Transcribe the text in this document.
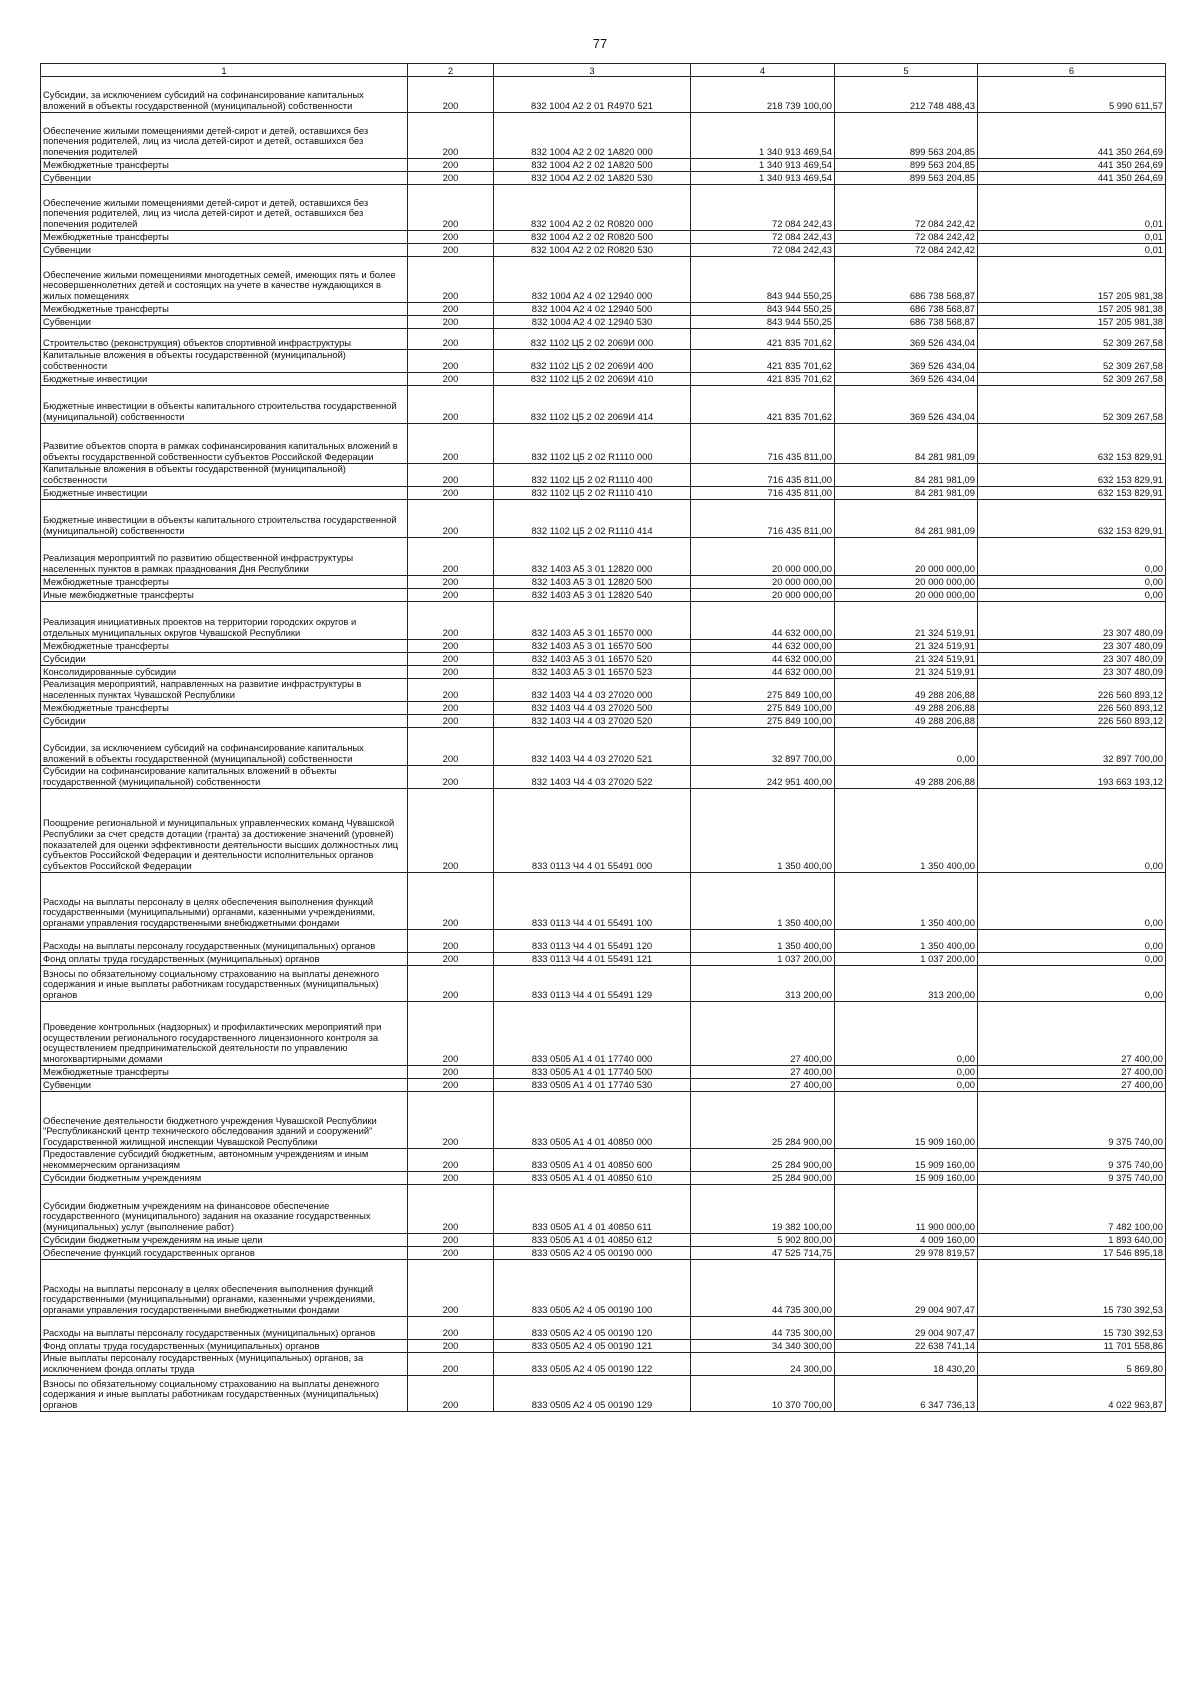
77
1	2	3	4	5	6
Субсидии, за исключением субсидий на софинансирование капитальных вложений в объекты государственной (муниципальной) собственности	200	832 1004 A2 2 01 R4970 521	218 739 100,00	212 748 488,43	5 990 611,57
Обеспечение жилыми помещениями детей-сирот и детей, оставшихся без попечения родителей, лиц из числа детей-сирот и детей, оставшихся без попечения родителей	200	832 1004 A2 2 02 1A820 000	1 340 913 469,54	899 563 204,85	441 350 264,69
Межбюджетные трансферты	200	832 1004 A2 2 02 1A820 500	1 340 913 469,54	899 563 204,85	441 350 264,69
Субвенции	200	832 1004 A2 2 02 1A820 530	1 340 913 469,54	899 563 204,85	441 350 264,69
Обеспечение жилыми помещениями детей-сирот и детей, оставшихся без попечения родителей, лиц из числа детей-сирот и детей, оставшихся без попечения родителей	200	832 1004 A2 2 02 R0820 000	72 084 242,43	72 084 242,42	0,01
Межбюджетные трансферты	200	832 1004 A2 2 02 R0820 500	72 084 242,43	72 084 242,42	0,01
Субвенции	200	832 1004 A2 2 02 R0820 530	72 084 242,43	72 084 242,42	0,01
Обеспечение жильми помещениями многодетных семей, имеющих пять и более несовершеннолетних детей и состоящих на учете в качестве нуждающихся в жилых помещениях	200	832 1004 A2 4 02 12940 000	843 944 550,25	686 738 568,87	157 205 981,38
Межбюджетные трансферты	200	832 1004 A2 4 02 12940 500	843 944 550,25	686 738 568,87	157 205 981,38
Субвенции	200	832 1004 A2 4 02 12940 530	843 944 550,25	686 738 568,87	157 205 981,38
Строительство (реконструкция) объектов спортивной инфраструктуры	200	832 1102 Ц5 2 02 2069И 000	421 835 701,62	369 526 434,04	52 309 267,58
Капитальные вложения в объекты государственной (муниципальной) собственности	200	832 1102 Ц5 2 02 2069И 400	421 835 701,62	369 526 434,04	52 309 267,58
Бюджетные инвестиции	200	832 1102 Ц5 2 02 2069И 410	421 835 701,62	369 526 434,04	52 309 267,58
Бюджетные инвестиции в объекты капитального строительства государственной (муниципальной) собственности	200	832 1102 Ц5 2 02 2069И 414	421 835 701,62	369 526 434,04	52 309 267,58
Развитие объектов спорта в рамках софинансирования капитальных вложений в объекты государственной собственности субъектов Российской Федерации	200	832 1102 Ц5 2 02 R1110 000	716 435 811,00	84 281 981,09	632 153 829,91
Капитальные вложения в объекты государственной (муниципальной) собственности	200	832 1102 Ц5 2 02 R1110 400	716 435 811,00	84 281 981,09	632 153 829,91
Бюджетные инвестиции	200	832 1102 Ц5 2 02 R1110 410	716 435 811,00	84 281 981,09	632 153 829,91
Бюджетные инвестиции в объекты капитального строительства государственной (муниципальной) собственности	200	832 1102 Ц5 2 02 R1110 414	716 435 811,00	84 281 981,09	632 153 829,91
Реализация мероприятий по развитию общественной инфраструктуры населенных пунктов в рамках празднования Дня Республики	200	832 1403 A5 3 01 12820 000	20 000 000,00	20 000 000,00	0,00
Межбюджетные трансферты	200	832 1403 A5 3 01 12820 500	20 000 000,00	20 000 000,00	0,00
Иные межбюджетные трансферты	200	832 1403 A5 3 01 12820 540	20 000 000,00	20 000 000,00	0,00
Реализация инициативных проектов на территории городских округов и отдельных муниципальных округов Чувашской Республики	200	832 1403 A5 3 01 16570 000	44 632 000,00	21 324 519,91	23 307 480,09
Межбюджетные трансферты	200	832 1403 A5 3 01 16570 500	44 632 000,00	21 324 519,91	23 307 480,09
Субсидии	200	832 1403 A5 3 01 16570 520	44 632 000,00	21 324 519,91	23 307 480,09
Консолидированные субсидии	200	832 1403 A5 3 01 16570 523	44 632 000,00	21 324 519,91	23 307 480,09
Реализация мероприятий, направленных на развитие инфраструктуры в населенных пунктах Чувашской Республики	200	832 1403 Ч4 4 03 27020 000	275 849 100,00	49 288 206,88	226 560 893,12
Межбюджетные трансферты	200	832 1403 Ч4 4 03 27020 500	275 849 100,00	49 288 206,88	226 560 893,12
Субсидии	200	832 1403 Ч4 4 03 27020 520	275 849 100,00	49 288 206,88	226 560 893,12
Субсидии, за исключением субсидий на софинансирование капитальных вложений в объекты государственной (муниципальной) собственности	200	832 1403 Ч4 4 03 27020 521	32 897 700,00	0,00	32 897 700,00
Субсидии на софинансирование капитальных вложений в объекты государственной (муниципальной) собственности	200	832 1403 Ч4 4 03 27020 522	242 951 400,00	49 288 206,88	193 663 193,12
Поощрение региональной и муниципальных управленческих команд Чувашской Республики за счет средств дотации (гранта) за достижение значений (уровней) показателей для оценки эффективности деятельности высших должностных лиц субъектов Российской Федерации и деятельности исполнительных органов субъектов Российской Федерации	200	833 0113 Ч4 4 01 55491 000	1 350 400,00	1 350 400,00	0,00
Расходы на выплаты персоналу в целях обеспечения выполнения функций государственными (муниципальными) органами, казенными учреждениями, органами управления государственными внебюджетными фондами	200	833 0113 Ч4 4 01 55491 100	1 350 400,00	1 350 400,00	0,00
Расходы на выплаты персоналу государственных (муниципальных) органов	200	833 0113 Ч4 4 01 55491 120	1 350 400,00	1 350 400,00	0,00
Фонд оплаты труда государственных (муниципальных) органов	200	833 0113 Ч4 4 01 55491 121	1 037 200,00	1 037 200,00	0,00
Взносы по обязательному социальному страхованию на выплаты денежного содержания и иные выплаты работникам государственных (муниципальных) органов	200	833 0113 Ч4 4 01 55491 129	313 200,00	313 200,00	0,00
Проведение контрольных (надзорных) и профилактических мероприятий при осуществлении регионального государственного лицензионного контроля за осуществлением предпринимательской деятельности по управлению многоквартирными домами	200	833 0505 A1 4 01 17740 000	27 400,00	0,00	27 400,00
Межбюджетные трансферты	200	833 0505 A1 4 01 17740 500	27 400,00	0,00	27 400,00
Субвенции	200	833 0505 A1 4 01 17740 530	27 400,00	0,00	27 400,00
Обеспечение деятельности бюджетного учреждения Чувашской Республики "Республиканский центр технического обследования зданий и сооружений" Государственной жилищной инспекции Чувашской Республики	200	833 0505 A1 4 01 40850 000	25 284 900,00	15 909 160,00	9 375 740,00
Предоставление субсидий бюджетным, автономным учреждениям и иным некоммерческим организациям	200	833 0505 A1 4 01 40850 600	25 284 900,00	15 909 160,00	9 375 740,00
Субсидии бюджетным учреждениям	200	833 0505 A1 4 01 40850 610	25 284 900,00	15 909 160,00	9 375 740,00
Субсидии бюджетным учреждениям на финансовое обеспечение государственного (муниципального) задания на оказание государственных (муниципальных) услуг (выполнение работ)	200	833 0505 A1 4 01 40850 611	19 382 100,00	11 900 000,00	7 482 100,00
Субсидии бюджетным учреждениям на иные цели	200	833 0505 A1 4 01 40850 612	5 902 800,00	4 009 160,00	1 893 640,00
Обеспечение функций государственных органов	200	833 0505 A2 4 05 00190 000	47 525 714,75	29 978 819,57	17 546 895,18
Расходы на выплаты персоналу в целях обеспечения выполнения функций государственными (муниципальными) органами, казенными учреждениями, органами управления государственными внебюджетными фондами	200	833 0505 A2 4 05 00190 100	44 735 300,00	29 004 907,47	15 730 392,53
Расходы на выплаты персоналу государственных (муниципальных) органов	200	833 0505 A2 4 05 00190 120	44 735 300,00	29 004 907,47	15 730 392,53
Фонд оплаты труда государственных (муниципальных) органов	200	833 0505 A2 4 05 00190 121	34 340 300,00	22 638 741,14	11 701 558,86
Иные выплаты персоналу государственных (муниципальных) органов, за исключением фонда оплаты труда	200	833 0505 A2 4 05 00190 122	24 300,00	18 430,20	5 869,80
Взносы по обязательному социальному страхованию на выплаты денежного содержания и иные выплаты работникам государственных (муниципальных) органов	200	833 0505 A2 4 05 00190 129	10 370 700,00	6 347 736,13	4 022 963,87
